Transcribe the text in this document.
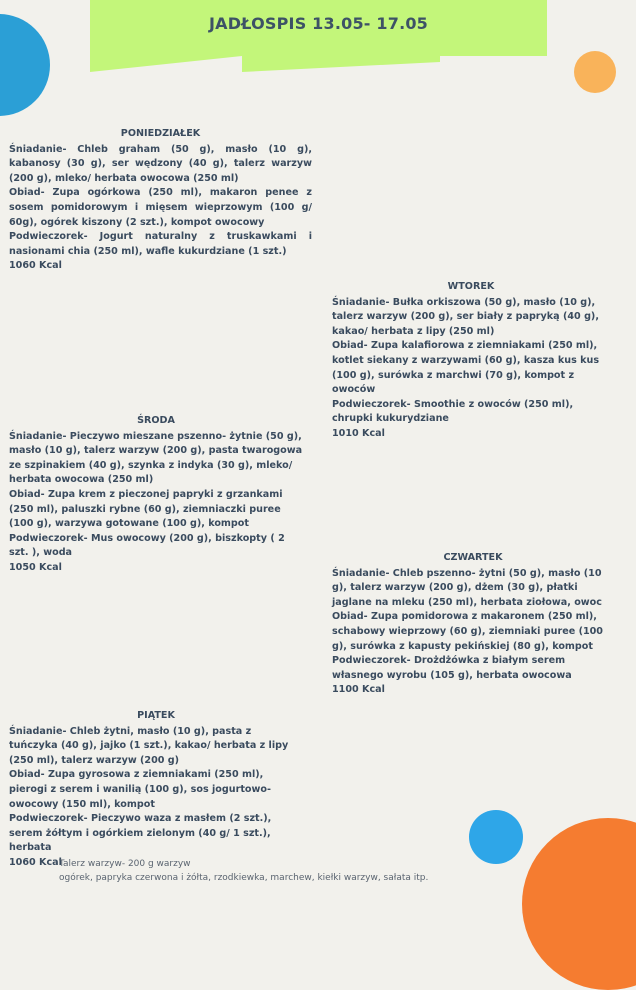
JADŁOSPIS 13.05- 17.05
PONIEDZIAŁEK

Śniadanie- Chleb graham (50 g), masło (10 g), kabanosy (30 g), ser wędzony (40 g), talerz warzyw (200 g), mleko/ herbata owocowa (250 ml)

Obiad- Zupa ogórkowa (250 ml), makaron penee z sosem pomidorowym i mięsem wieprzowym (100 g/ 60g), ogórek kiszony (2 szt.), kompot owocowy

Podwieczorek- Jogurt naturalny z truskawkami i nasionami chia (250 ml), wafle kukurdziane (1 szt.)

1060 Kcal

WTOREK

Śniadanie- Bułka orkiszowa (50 g), masło (10 g), talerz warzyw (200 g), ser biały z papryką (40 g), kakao/ herbata z lipy (250 ml)

Obiad- Zupa kalafiorowa z ziemniakami (250 ml), kotlet siekany z warzywami (60 g), kasza kus kus (100 g), surówka z marchwi (70 g), kompot z owoców

Podwieczorek- Smoothie z owoców (250 ml), chrupki kukurydziane

1010 Kcal

ŚRODA

Śniadanie- Pieczywo mieszane pszenno- żytnie (50 g), masło (10 g), talerz warzyw (200 g), pasta twarogowa ze szpinakiem (40 g), szynka z indyka (30 g), mleko/ herbata owocowa (250 ml)

Obiad- Zupa krem z pieczonej papryki z grzankami (250 ml), paluszki rybne (60 g), ziemniaczki puree (100 g), warzywa gotowane (100 g), kompot

Podwieczorek- Mus owocowy (200 g), biszkopty ( 2 szt. ), woda

1050 Kcal

CZWARTEK

Śniadanie- Chleb pszenno- żytni (50 g), masło (10 g), talerz warzyw (200 g), dżem (30 g), płatki jaglane na mleku (250 ml), herbata ziołowa, owoc

Obiad- Zupa pomidorowa z makaronem (250 ml), schabowy wieprzowy (60 g), ziemniaki puree (100 g), surówka z kapusty pekińskiej (80 g), kompot

Podwieczorek- Drożdżówka z białym serem własnego wyrobu (105 g), herbata owocowa

1100 Kcal

PIĄTEK

Śniadanie- Chleb żytni, masło (10 g), pasta z tuńczyka (40 g), jajko (1 szt.), kakao/ herbata z lipy (250 ml), talerz warzyw (200 g)

Obiad- Zupa gyrosowa z ziemniakami (250 ml), pierogi z serem i wanilią (100 g), sos jogurtowo- owocowy (150 ml), kompot

Podwieczorek- Pieczywo waza z masłem (2 szt.), serem żółtym i ogórkiem zielonym (40 g/ 1 szt.), herbata

1060 Kcal

Talerz warzyw- 200 g warzyw

ogórek, papryka czerwona i żółta, rzodkiewka, marchew, kiełki warzyw, sałata itp.
